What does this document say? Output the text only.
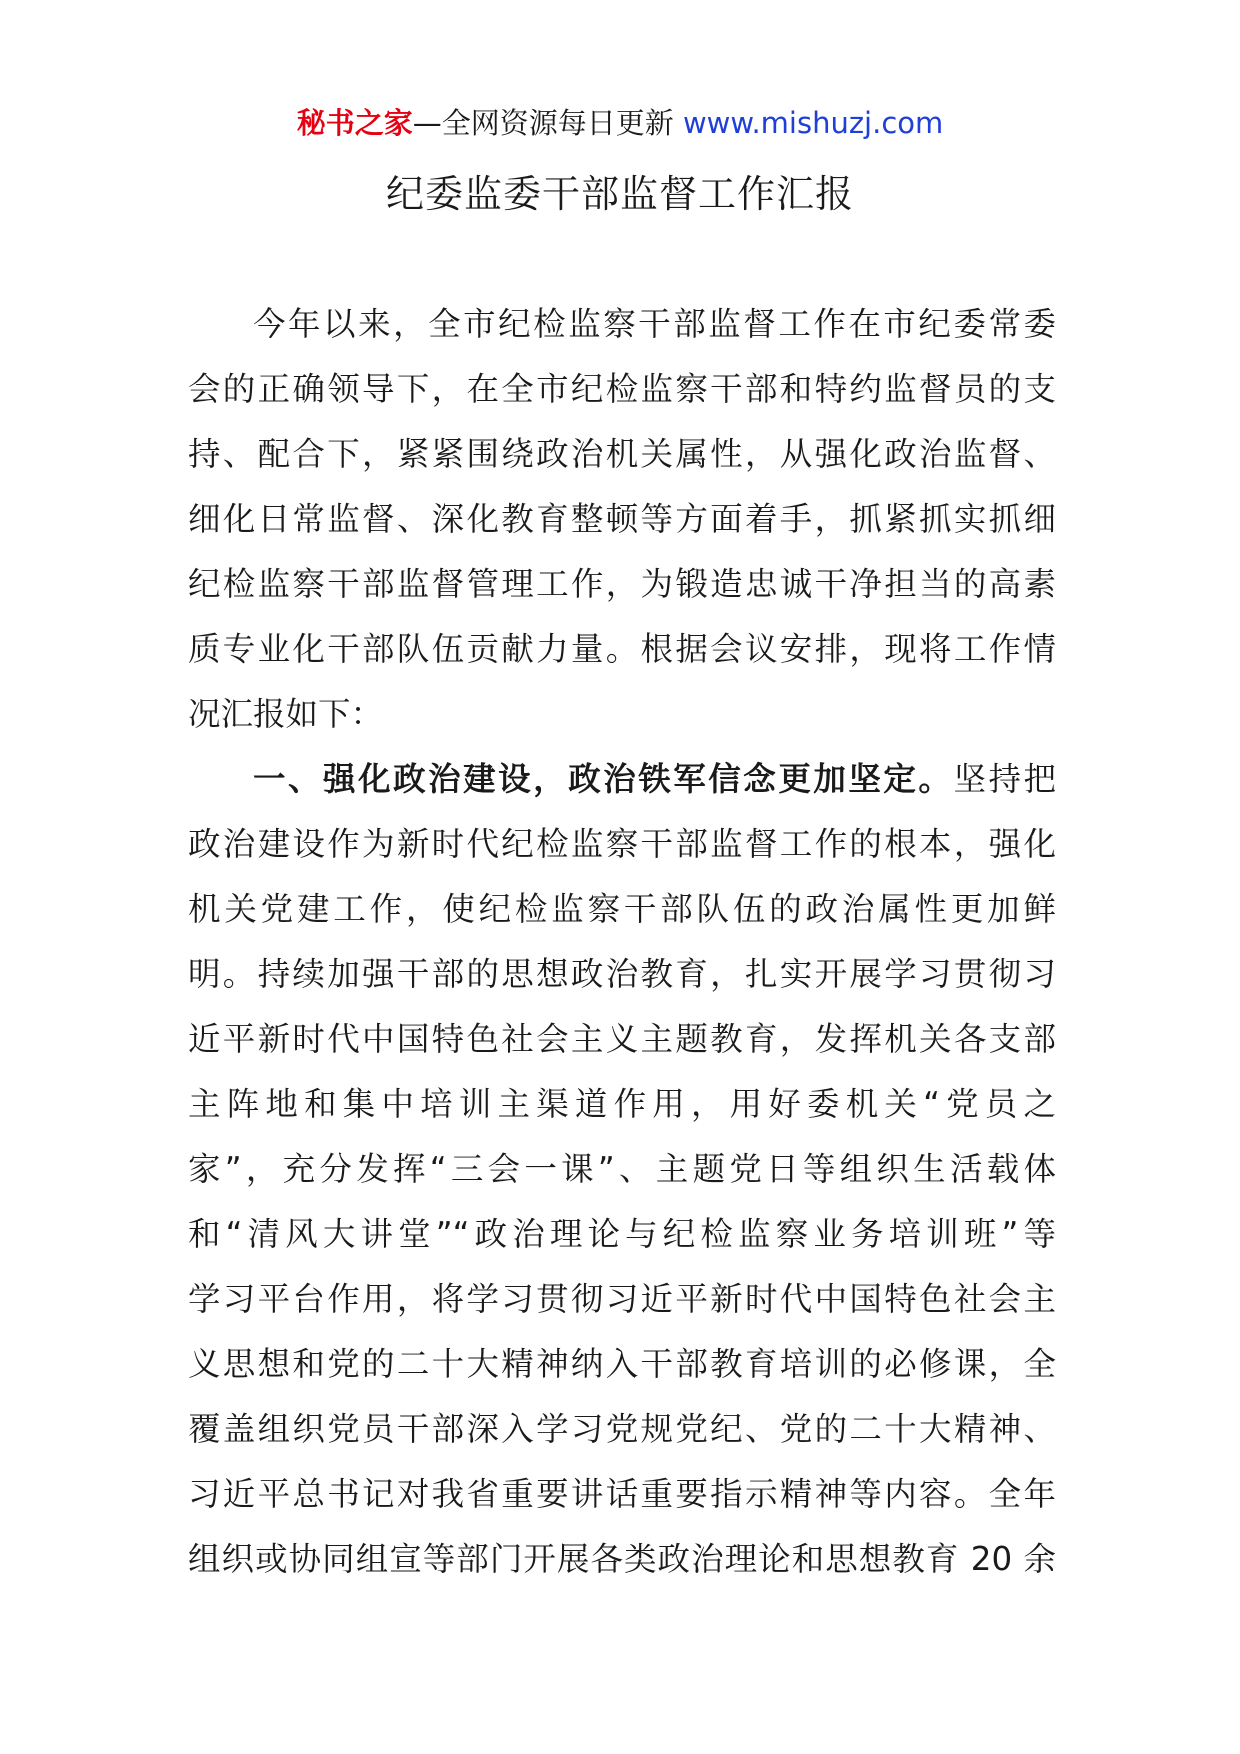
秘书之家—全网资源每日更新 www.mishuzj.com
纪委监委干部监督工作汇报
今年以来，全市纪检监察干部监督工作在市纪委常委
会的正确领导下，在全市纪检监察干部和特约监督员的支
持、配合下，紧紧围绕政治机关属性，从强化政治监督、
细化日常监督、深化教育整顿等方面着手，抓紧抓实抓细
纪检监察干部监督管理工作，为锻造忠诚干净担当的高素
质专业化干部队伍贡献力量。根据会议安排，现将工作情
况汇报如下：
一、强化政治建设，政治铁军信念更加坚定。坚持把
政治建设作为新时代纪检监察干部监督工作的根本，强化
机关党建工作，使纪检监察干部队伍的政治属性更加鲜
明。持续加强干部的思想政治教育，扎实开展学习贯彻习
近平新时代中国特色社会主义主题教育，发挥机关各支部
主阵地和集中培训主渠道作用，用好委机关“党员之
家”，充分发挥“三会一课”、主题党日等组织生活载体
和“清风大讲堂”“政治理论与纪检监察业务培训班”等
学习平台作用，将学习贯彻习近平新时代中国特色社会主
义思想和党的二十大精神纳入干部教育培训的必修课，全
覆盖组织党员干部深入学习党规党纪、党的二十大精神、
习近平总书记对我省重要讲话重要指示精神等内容。全年
组织或协同组宣等部门开展各类政治理论和思想教育 20 余
